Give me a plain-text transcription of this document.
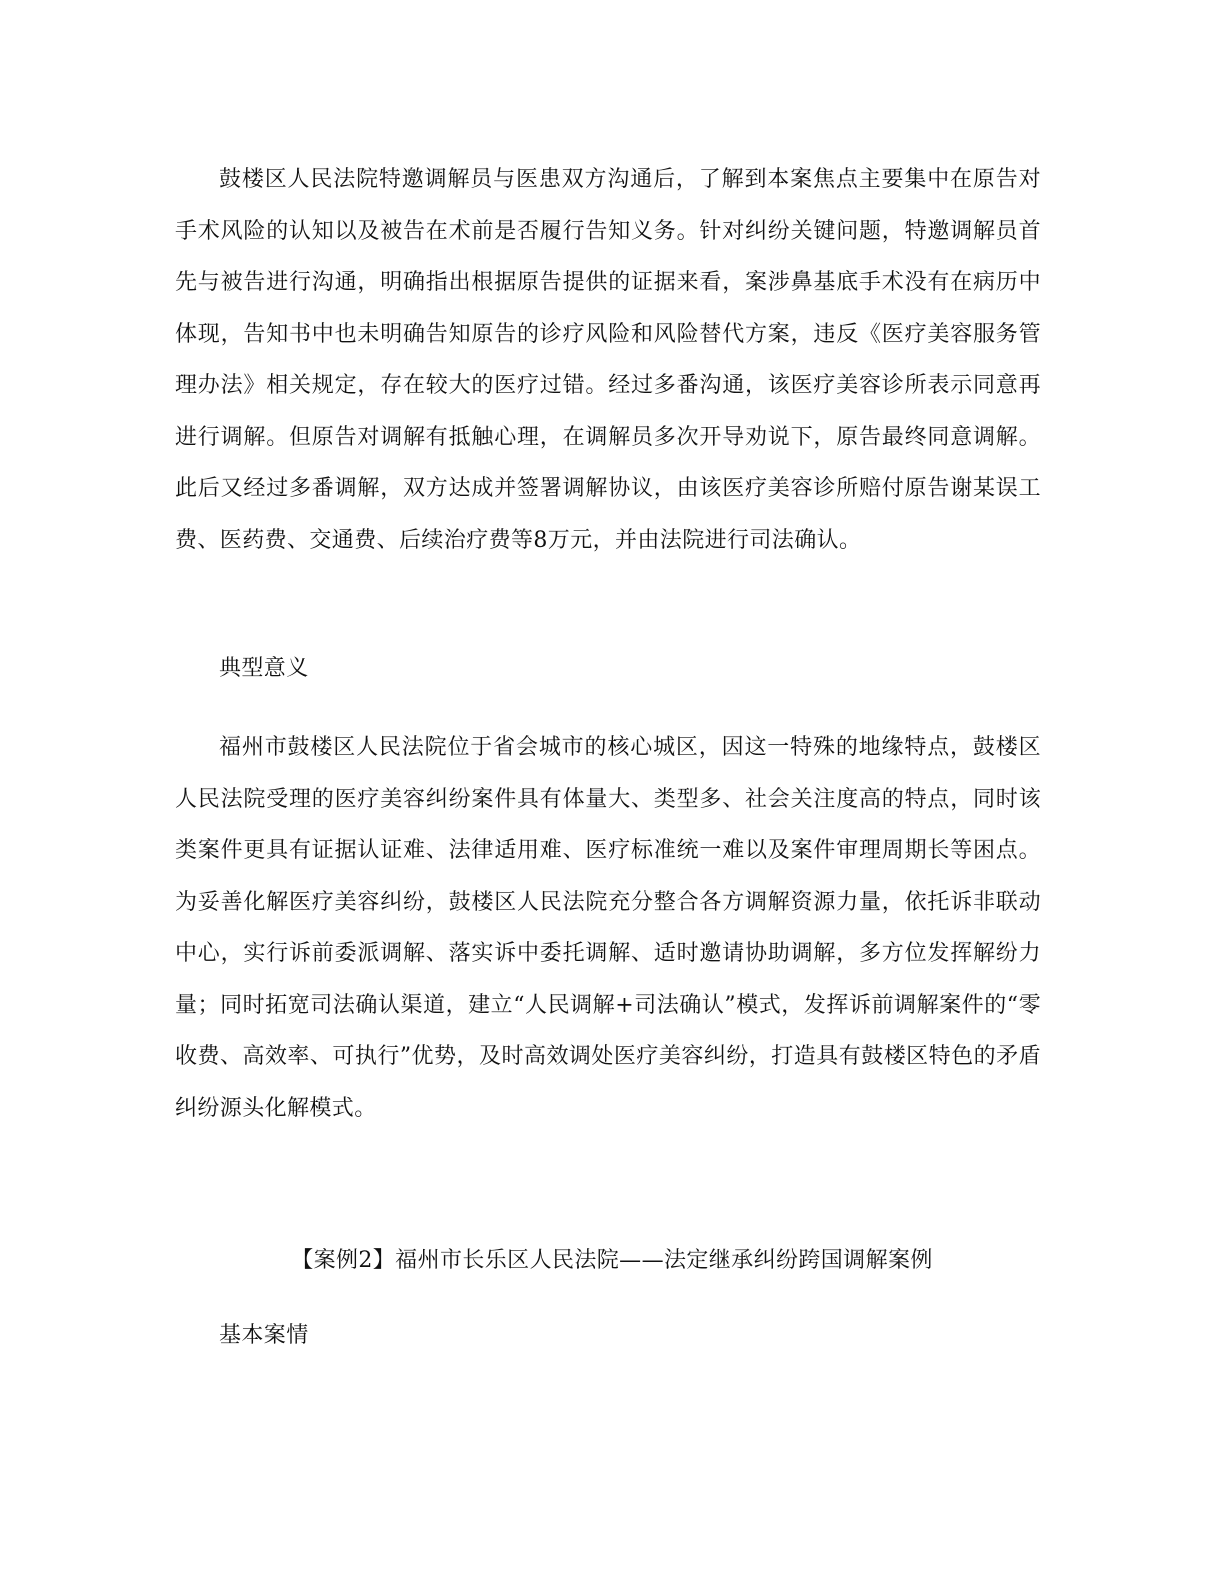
鼓楼区人民法院特邀调解员与医患双方沟通后，了解到本案焦点主要集中在原告对手术风险的认知以及被告在术前是否履行告知义务。针对纠纷关键问题，特邀调解员首先与被告进行沟通，明确指出根据原告提供的证据来看，案涉鼻基底手术没有在病历中体现，告知书中也未明确告知原告的诊疗风险和风险替代方案，违反《医疗美容服务管理办法》相关规定，存在较大的医疗过错。经过多番沟通，该医疗美容诊所表示同意再进行调解。但原告对调解有抵触心理，在调解员多次开导劝说下，原告最终同意调解。此后又经过多番调解，双方达成并签署调解协议，由该医疗美容诊所赔付原告谢某误工费、医药费、交通费、后续治疗费等8万元，并由法院进行司法确认。

典型意义

福州市鼓楼区人民法院位于省会城市的核心城区，因这一特殊的地缘特点，鼓楼区人民法院受理的医疗美容纠纷案件具有体量大、类型多、社会关注度高的特点，同时该类案件更具有证据认证难、法律适用难、医疗标准统一难以及案件审理周期长等困点。为妥善化解医疗美容纠纷，鼓楼区人民法院充分整合各方调解资源力量，依托诉非联动中心，实行诉前委派调解、落实诉中委托调解、适时邀请协助调解，多方位发挥解纷力量；同时拓宽司法确认渠道，建立“人民调解+司法确认”模式，发挥诉前调解案件的“零收费、高效率、可执行”优势，及时高效调处医疗美容纠纷，打造具有鼓楼区特色的矛盾纠纷源头化解模式。

【案例2】福州市长乐区人民法院——法定继承纠纷跨国调解案例

基本案情
